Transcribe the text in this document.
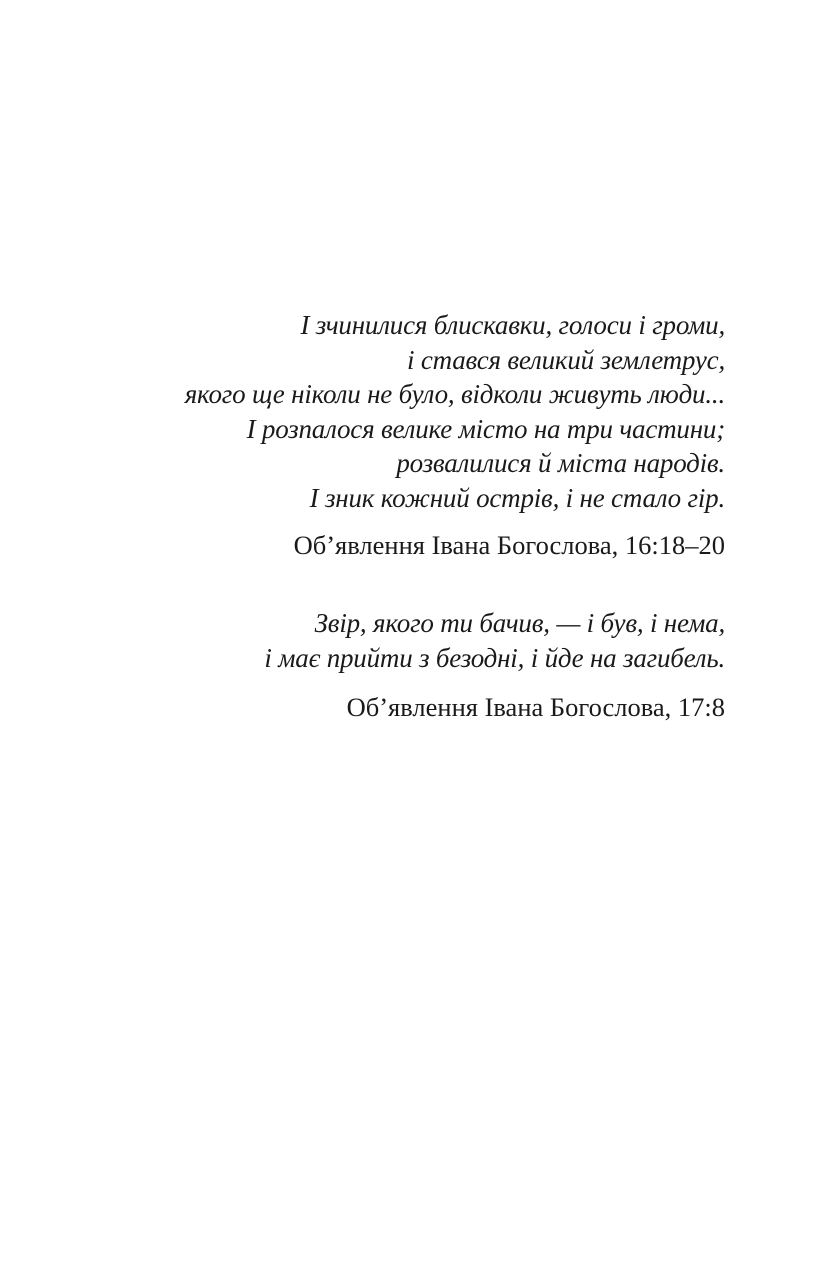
I зчинилися блискавки, голоси і громи,
і стався великий землетрус,
якого ще ніколи не було, відколи живуть люди...
I розпалося велике місто на три частини;
розвалилися й міста народів.
I зник кожний острів, і не стало гір.
Об’явлення Івана Богослова, 16:18–20
Звір, якого ти бачив, — і був, і нема,
і має прийти з безодні, і йде на загибель.
Об’явлення Івана Богослова, 17:8
